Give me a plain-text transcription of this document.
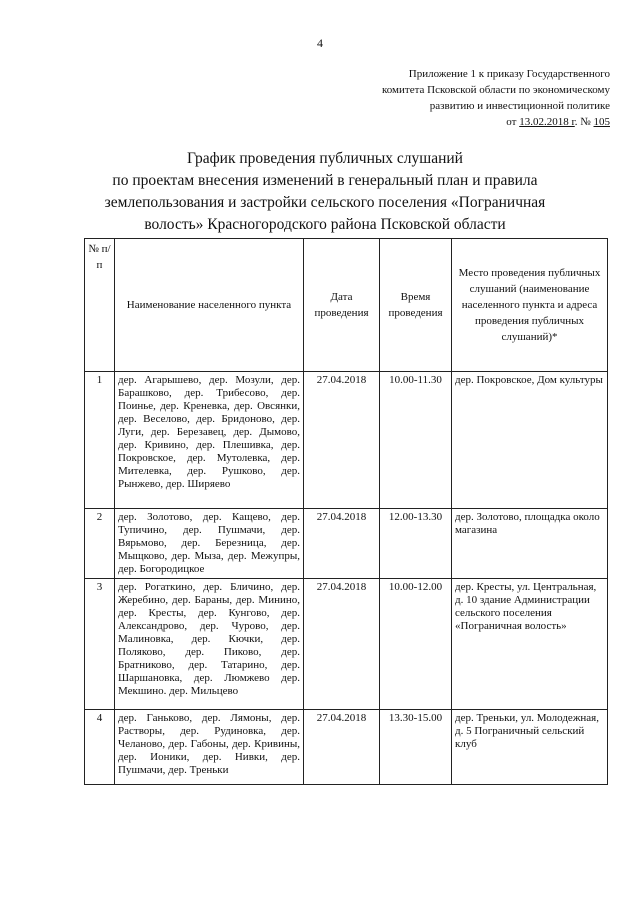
4
Приложение 1 к приказу Государственного
комитета Псковской области по экономическому
развитию и инвестиционной политике
от 13.02.2018 г. № 105
График проведения публичных слушаний
по проектам внесения изменений в генеральный план и правила
землепользования и застройки сельского поселения «Пограничная
волость» Красногородского района Псковской области
№ п/п	Наименование населенного пункта	Дата проведения	Время проведения	Место проведения публичных слушаний (наименование населенного пункта и адреса проведения публичных слушаний)*
1	дер. Агарышево, дер. Мозули, дер. Барашково, дер. Трибесово, дер. Поинье, дер. Креневка, дер. Овсянки, дер. Веселово, дер. Бридоново, дер. Луги, дер. Березавец, дер. Дымово, дер. Кривино, дер. Плешивка, дер. Покровское, дер. Мутолевка, дер. Мителевка, дер. Рушково, дер. Рынжево, дер. Ширяево	27.04.2018	10.00-11.30	дер. Покровское, Дом культуры
2	дер. Золотово, дер. Кащево, дер. Тупичино, дер. Пушмачи, дер. Вярьмово, дер. Березница, дер. Мыщково, дер. Мыза, дер. Межупры, дер. Богородицкое	27.04.2018	12.00-13.30	дер. Золотово, площадка около магазина
3	дер. Рогаткино, дер. Бличино, дер. Жеребино, дер. Бараны, дер. Минино, дер. Кресты, дер. Кунгово, дер. Александрово, дер. Чурово, дер. Малиновка, дер. Кючки, дер. Поляково, дер. Пиково, дер. Братниково, дер. Татарино, дер. Шаршановка, дер. Люмжево дер. Мекшино. дер. Мильцево	27.04.2018	10.00-12.00	дер. Кресты, ул. Центральная, д. 10 здание Администрации сельского поселения «Пограничная волость»
4	дер. Ганьково, дер. Лямоны, дер. Растворы, дер. Рудиновка, дер. Челаново, дер. Габоны, дер. Кривины, дер. Ионики, дер. Нивки, дер. Пушмачи, дер. Треньки	27.04.2018	13.30-15.00	дер. Треньки, ул. Молодежная, д. 5 Пограничный сельский клуб
